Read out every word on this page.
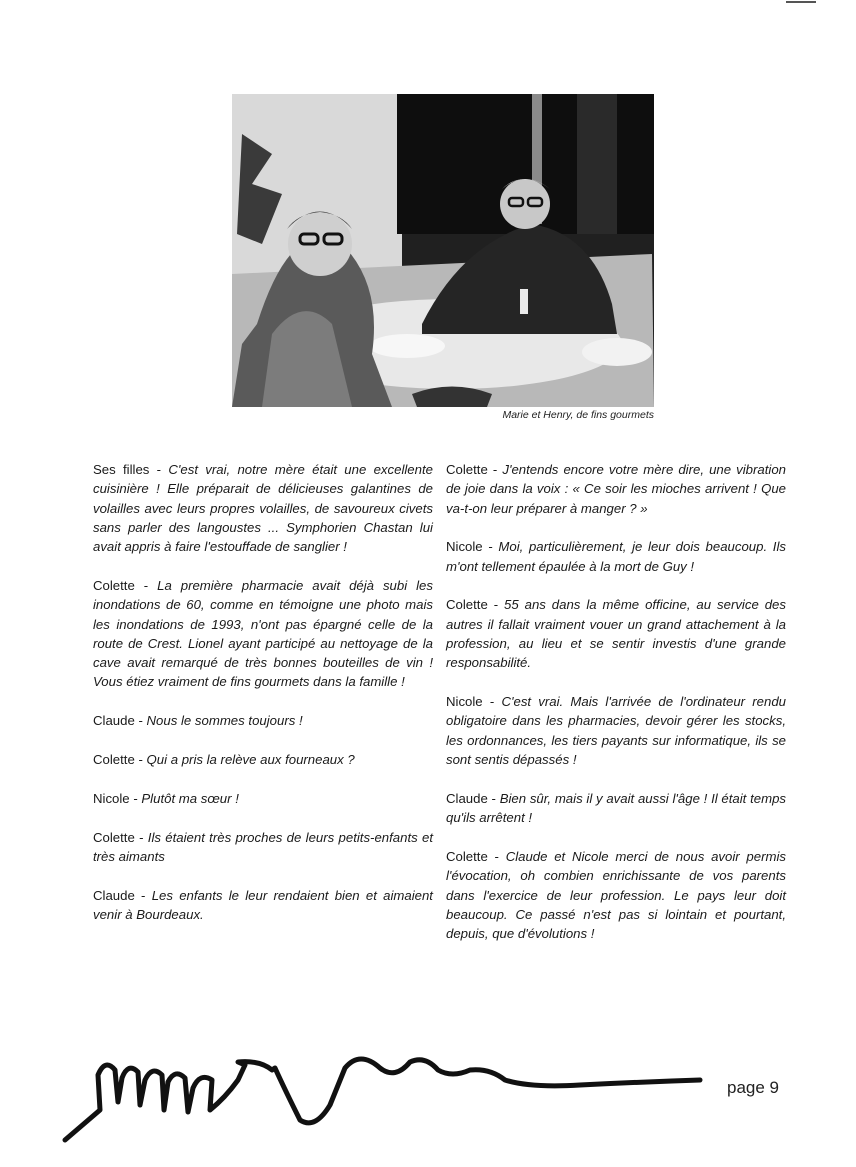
Marie et Henry, de fins gourmets

Ses filles - C'est vrai, notre mère était une excellente cuisinière ! Elle préparait de délicieuses galantines de volailles avec leurs propres volailles, de savoureux civets sans parler des langoustes ... Symphorien Chastan lui avait appris à faire l'estouffade de sanglier !

Colette - La première pharmacie avait déjà subi les inondations de 60, comme en témoigne une photo mais les inondations de 1993, n'ont pas épargné celle de la route de Crest. Lionel ayant participé au nettoyage de la cave avait remarqué de très bonnes bouteilles de vin ! Vous étiez vraiment de fins gourmets dans la famille !

Claude - Nous le sommes toujours !

Colette - Qui a pris la relève aux fourneaux ?

Nicole - Plutôt ma sœur !

Colette - Ils étaient très proches de leurs petits-enfants et très aimants

Claude - Les enfants le leur rendaient bien et aimaient venir à Bourdeaux.

Colette - J'entends encore votre mère dire, une vibration de joie dans la voix : « Ce soir les mioches arrivent ! Que va-t-on leur préparer à manger ? »

Nicole - Moi, particulièrement, je leur dois beaucoup. Ils m'ont tellement épaulée à la mort de Guy !

Colette - 55 ans dans la même officine, au service des autres il fallait vraiment vouer un grand attachement à la profession, au lieu et se sentir investis d'une grande responsabilité.

Nicole - C'est vrai. Mais l'arrivée de l'ordinateur rendu obligatoire dans les pharmacies, devoir gérer les stocks, les ordonnances, les tiers payants sur informatique, ils se sont sentis dépassés !

Claude - Bien sûr, mais il y avait aussi l'âge ! Il était temps qu'ils arrêtent !

Colette - Claude et Nicole merci de nous avoir permis l'évocation, oh combien enrichissante de vos parents dans l'exercice de leur profession. Le pays leur doit beaucoup. Ce passé n'est pas si lointain et pourtant, depuis, que d'évolutions !

page 9
